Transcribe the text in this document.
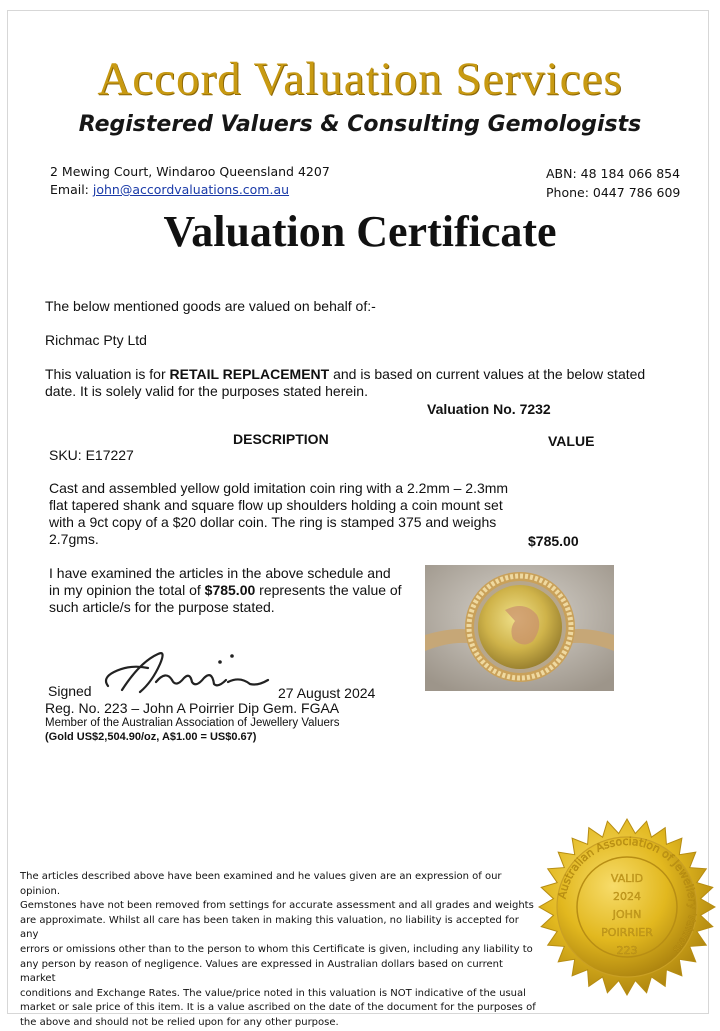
Accord Valuation Services
Registered Valuers & Consulting Gemologists
2 Mewing Court, Windaroo Queensland 4207
Email: john@accordvaluations.com.au
ABN: 48 184 066 854
Phone: 0447 786 609
Valuation Certificate
The below mentioned goods are valued on behalf of:-
Richmac Pty Ltd
This valuation is for RETAIL REPLACEMENT and is based on current values at the below stated
date. It is solely valid for the purposes stated herein.
Valuation No. 7232
DESCRIPTION	VALUE
SKU: E17227
Cast and assembled yellow gold imitation coin ring with a 2.2mm – 2.3mm
flat tapered shank and square flow up shoulders holding a coin mount set
with a 9ct copy of a $20 dollar coin. The ring is stamped 375 and weighs
2.7gms.	$785.00
I have examined the articles in the above schedule and
in my opinion the total of $785.00 represents the value of
such article/s for the purpose stated.
Signed	27 August 2024
Reg. No. 223 – John A Poirrier Dip Gem. FGAA
Member of the Australian Association of Jewellery Valuers
(Gold US$2,504.90/oz, A$1.00 = US$0.67)
The articles described above have been examined and he values given are an expression of our opinion.
Gemstones have not been removed from settings for accurate assessment and all grades and weights
are approximate. Whilst all care has been taken in making this valuation, no liability is accepted for any
errors or omissions other than to the person to whom this Certificate is given, including any liability to
any person by reason of negligence. Values are expressed in Australian dollars based on current market
conditions and Exchange Rates. The value/price noted in this valuation is NOT indicative of the usual
market or sale price of this item. It is a value ascribed on the date of the document for the purposes of
the above and should not be relied upon for any other purpose.
Australian Association of Jewellery Valuers
VALID
2024
JOHN
POIRRIER
223
